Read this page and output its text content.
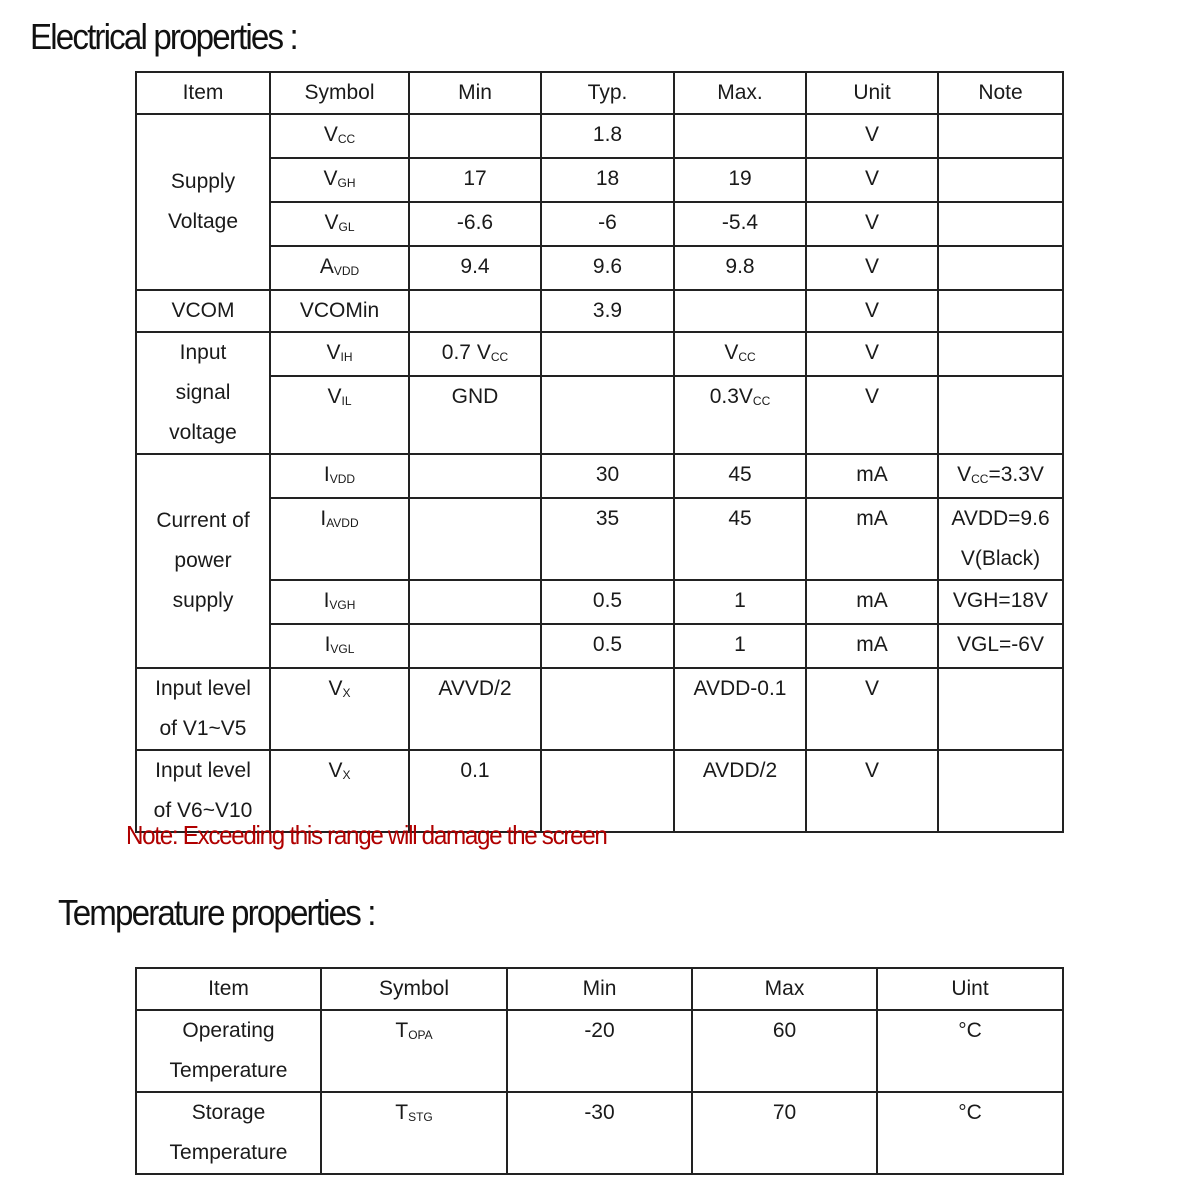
Electrical properties :
Item	Symbol	Min	Typ.	Max.	Unit	Note

Supply
Voltage	$V_{CC}$		1.8		V	
	$V_{GH}$	17	18	19	V	
	$V_{GL}$	-6.6	-6	-5.4	V	
	$A_{VDD}$	9.4	9.6	9.8	V	
VCOM	VCOMin		3.9		V	

Input
signal
voltage	$V_{IH}$	0.7 $V_{CC}$		$V_{CC}$	V	
	$V_{IL}$	GND		$0.3V_{CC}$	V	

Current of
power
supply	$I_{VDD}$		30	45	mA	$V_{CC}=3.3V$
	$I_{AVDD}$		35	45	mA	AVDD=9.6
V(Black)

	$I_{VGH}$		0.5	1	mA	VGH=18V
	$I_{VGL}$		0.5	1	mA	VGL=-6V

Input level
of V1~V5	$V_X$	AVVD/2		AVDD-0.1	V	

Input level
of V6~V10	$V_X$	0.1		AVDD/2	V	

Note: Exceeding this range will damage the screen

Temperature properties :
Item	Symbol	Min	Max	Uint

Operating
Temperature	$T_{OPA}$	-20	60	°C

Storage
Temperature	$T_{STG}$	-30	70	°C
